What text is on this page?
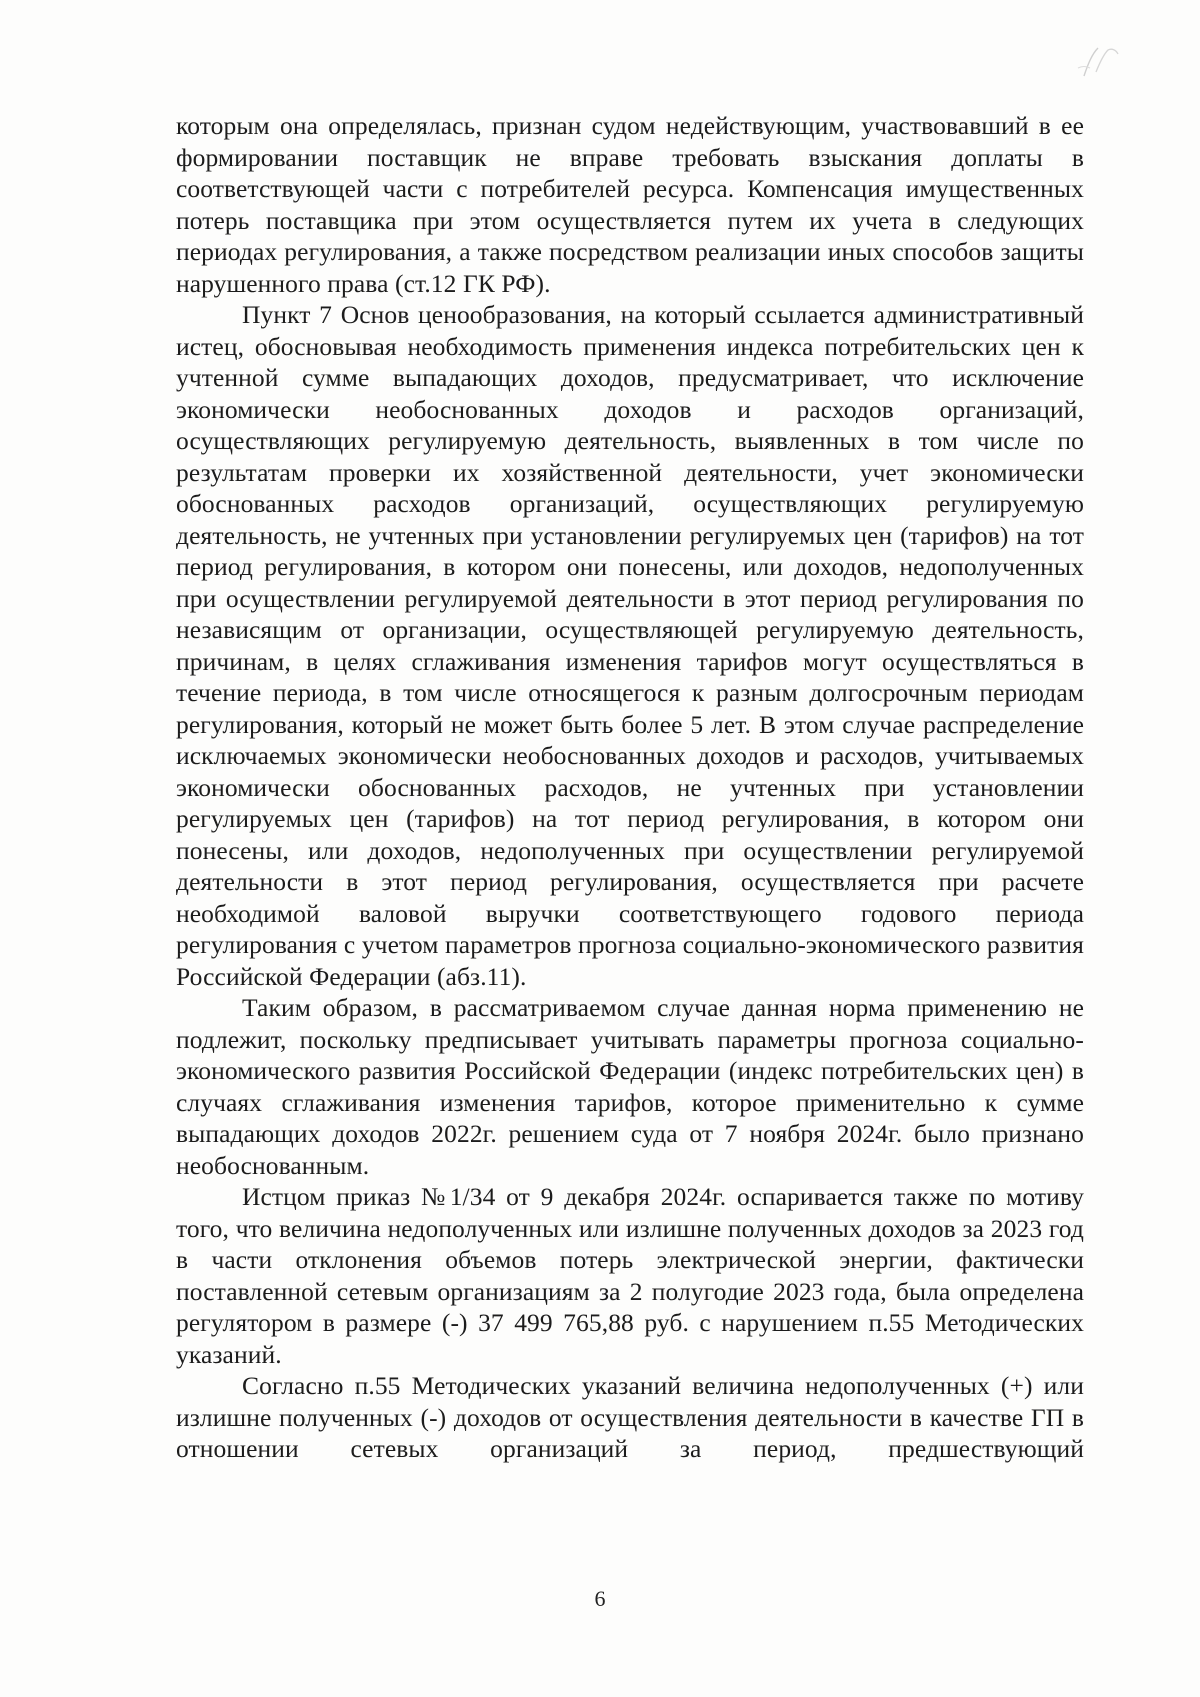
которым она определялась, признан судом недействующим, участвовавший в ее формировании поставщик не вправе требовать взыскания доплаты в соответствующей части с потребителей ресурса. Компенсация имущественных потерь поставщика при этом осуществляется путем их учета в следующих периодах регулирования, а также посредством реализации иных способов защиты нарушенного права (ст.12 ГК РФ).

Пункт 7 Основ ценообразования, на который ссылается административный истец, обосновывая необходимость применения индекса потребительских цен к учтенной сумме выпадающих доходов, предусматривает, что исключение экономически необоснованных доходов и расходов организаций, осуществляющих регулируемую деятельность, выявленных в том числе по результатам проверки их хозяйственной деятельности, учет экономически обоснованных расходов организаций, осуществляющих регулируемую деятельность, не учтенных при установлении регулируемых цен (тарифов) на тот период регулирования, в котором они понесены, или доходов, недополученных при осуществлении регулируемой деятельности в этот период регулирования по независящим от организации, осуществляющей регулируемую деятельность, причинам, в целях сглаживания изменения тарифов могут осуществляться в течение периода, в том числе относящегося к разным долгосрочным периодам регулирования, который не может быть более 5 лет. В этом случае распределение исключаемых экономически необоснованных доходов и расходов, учитываемых экономически обоснованных расходов, не учтенных при установлении регулируемых цен (тарифов) на тот период регулирования, в котором они понесены, или доходов, недополученных при осуществлении регулируемой деятельности в этот период регулирования, осуществляется при расчете необходимой валовой выручки соответствующего годового периода регулирования с учетом параметров прогноза социально-экономического развития Российской Федерации (абз.11).

Таким образом, в рассматриваемом случае данная норма применению не подлежит, поскольку предписывает учитывать параметры прогноза социально-экономического развития Российской Федерации (индекс потребительских цен) в случаях сглаживания изменения тарифов, которое применительно к сумме выпадающих доходов 2022г. решением суда от 7 ноября 2024г. было признано необоснованным.

Истцом приказ №1/34 от 9 декабря 2024г. оспаривается также по мотиву того, что величина недополученных или излишне полученных доходов за 2023 год в части отклонения объемов потерь электрической энергии, фактически поставленной сетевым организациям за 2 полугодие 2023 года, была определена регулятором в размере (-) 37 499 765,88 руб. с нарушением п.55 Методических указаний.

Согласно п.55 Методических указаний величина недополученных (+) или излишне полученных (-) доходов от осуществления деятельности в качестве ГП в отношении сетевых организаций за период, предшествующий

6
